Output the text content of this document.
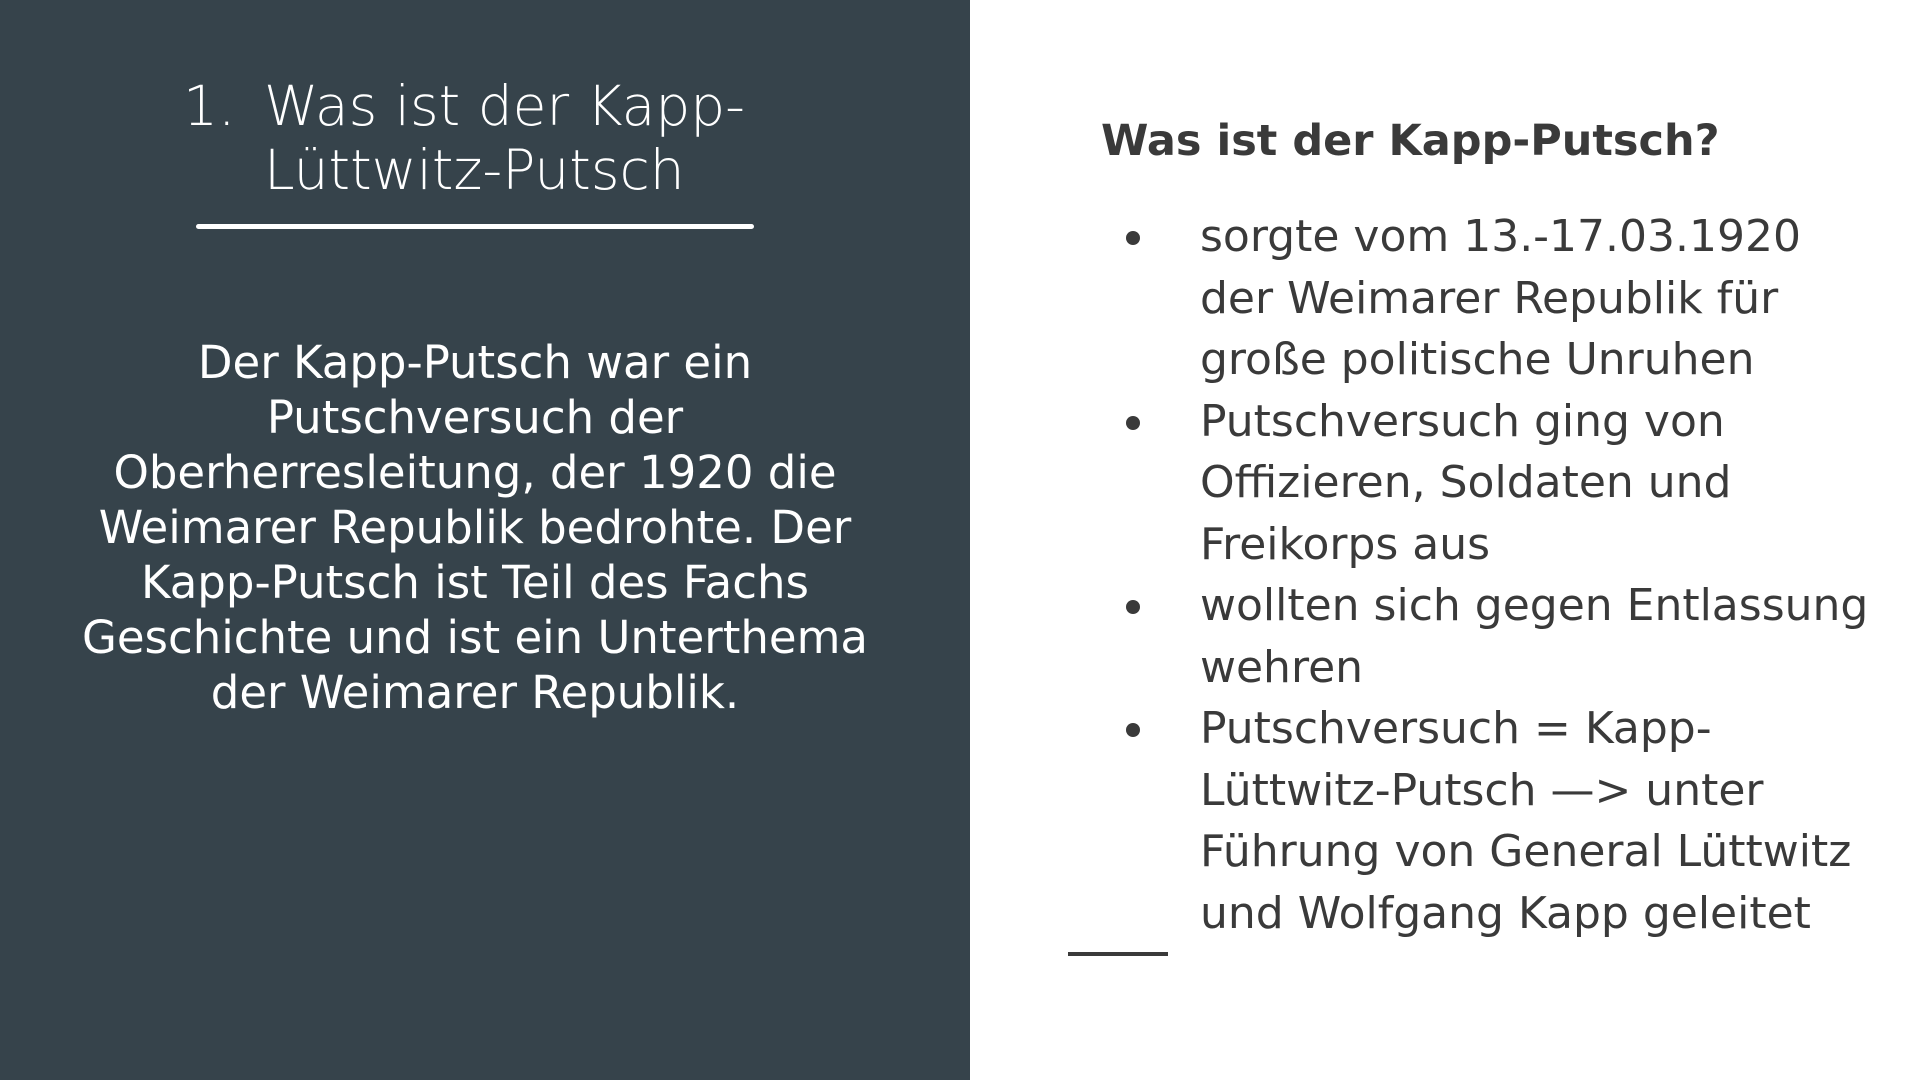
1. Was ist der Kapp-Lüttwitz-Putsch
Der Kapp-Putsch war ein Putschversuch der Oberherresleitung, der 1920 die Weimarer Republik bedrohte. Der Kapp-Putsch ist Teil des Fachs Geschichte und ist ein Unterthema der Weimarer Republik.
Was ist der Kapp-Putsch?
sorgte vom 13.-17.03.1920 der Weimarer Republik für große politische Unruhen
Putschversuch ging von Offizieren, Soldaten und Freikorps aus
wollten sich gegen Entlassung wehren
Putschversuch = Kapp-Lüttwitz-Putsch —> unter Führung von General Lüttwitz und Wolfgang Kapp geleitet
